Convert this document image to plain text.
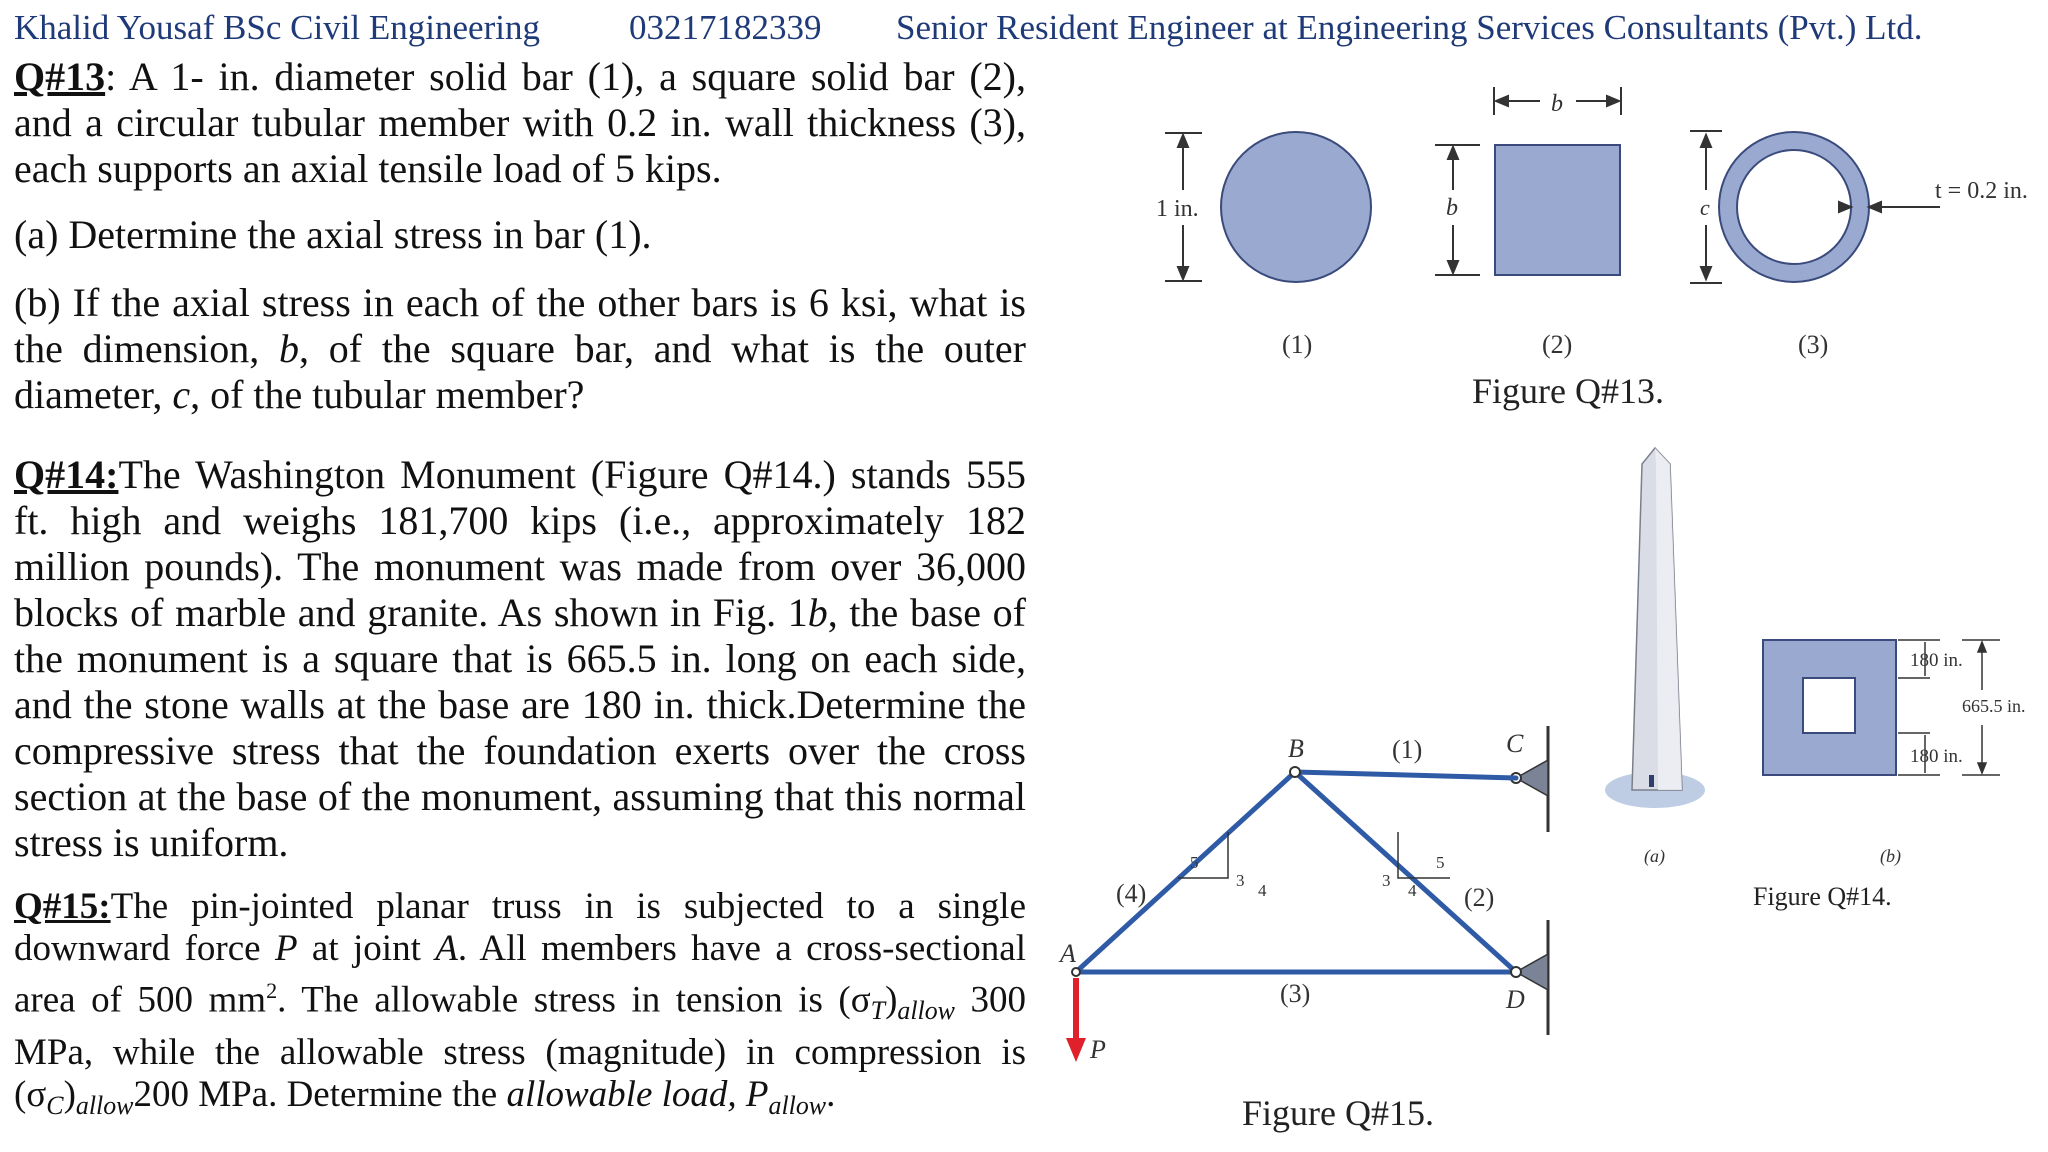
Khalid Yousaf BSc Civil Engineering	03217182339 Senior Resident Engineer at Engineering Services Consultants (Pvt.) Ltd.

Q#13: A 1- in. diameter solid bar (1), a square solid bar (2), and a circular tubular member with 0.2 in. wall thickness (3), each supports an axial tensile load of 5 kips.

(a) Determine the axial stress in bar (1).

(b) If the axial stress in each of the other bars is 6 ksi, what is the dimension, b, of the square bar, and what is the outer diameter, c, of the tubular member?

Q#14:The Washington Monument (Figure Q#14.) stands 555 ft. high and weighs 181,700 kips (i.e., approximately 182 million pounds). The monument was made from over 36,000 blocks of marble and granite. As shown in Fig. 1b, the base of the monument is a square that is 665.5 in. long on each side, and the stone walls at the base are 180 in. thick.Determine the compressive stress that the foundation exerts over the cross section at the base of the monument, assuming that this normal stress is uniform.

Q#15:The pin-jointed planar truss in is subjected to a single downward force P at joint A. All members have a cross-sectional area of 500 $mm^2$. The allowable stress in tension is $(\sigma_T)_{allow}$ 300 MPa, while the allowable stress (magnitude) in compression is $(\sigma_C)_{allow}200$ MPa. Determine the allowable load, $P_{allow}$.

1 in.
(1)
b
b
(2)
c
t = 0.2 in.
(3)
Figure Q#13.
(a)	(b)
180 in.
180 in.
665.5 in.
Figure Q#14.
B	C
D
A
(1)
(2)
(3)
(4)
P
5
3
4
5
3
4
Figure Q#15.
